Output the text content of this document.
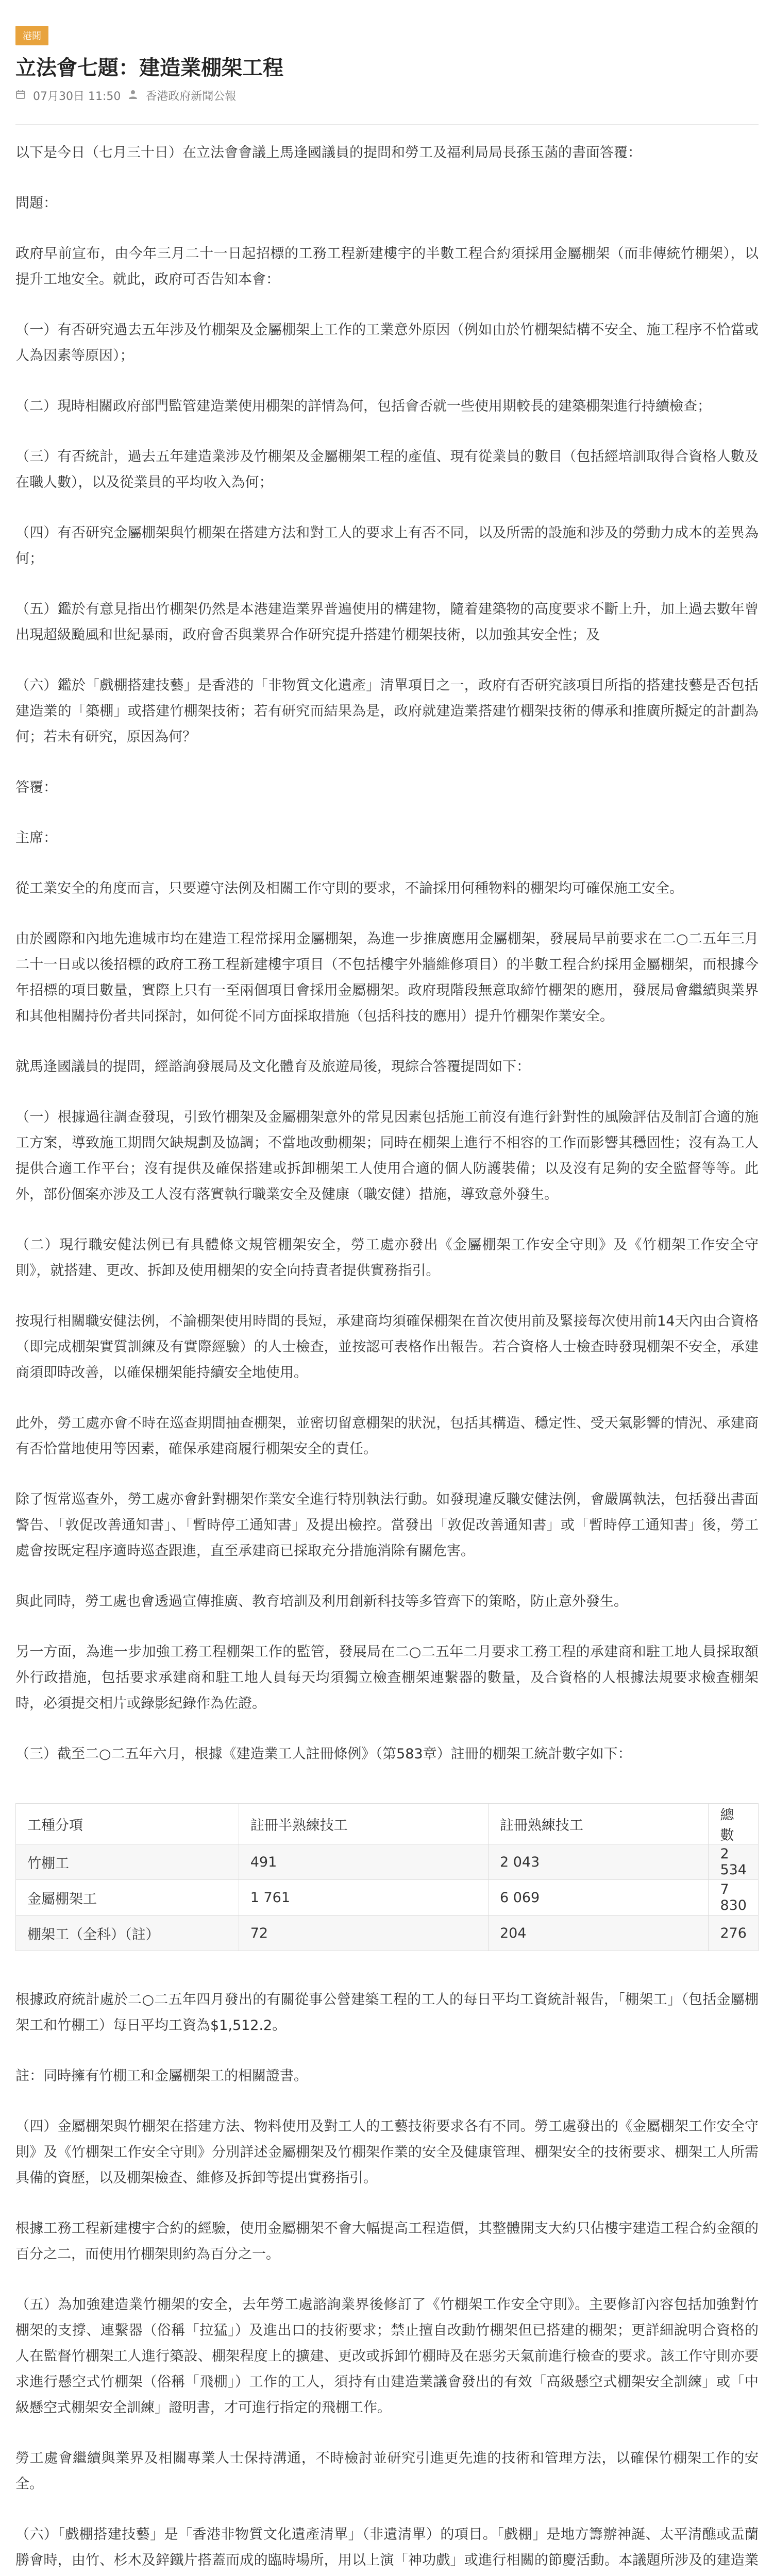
港聞
立法會七題：建造業棚架工程
07月30日 11:50 香港政府新聞公報

以下是今日（七月三十日）在立法會會議上馬逢國議員的提問和勞工及福利局局長孫玉菡的書面答覆：

問題：

政府早前宣布，由今年三月二十一日起招標的工務工程新建樓宇的半數工程合約須採用金屬棚架（而非傳統竹棚架），以提升工地安全。就此，政府可否告知本會：

（一）有否研究過去五年涉及竹棚架及金屬棚架上工作的工業意外原因（例如由於竹棚架結構不安全、施工程序不恰當或人為因素等原因）；

（二）現時相關政府部門監管建造業使用棚架的詳情為何，包括會否就一些使用期較長的建築棚架進行持續檢查；

（三）有否統計，過去五年建造業涉及竹棚架及金屬棚架工程的產值、現有從業員的數目（包括經培訓取得合資格人數及在職人數），以及從業員的平均收入為何；

（四）有否研究金屬棚架與竹棚架在搭建方法和對工人的要求上有否不同，以及所需的設施和涉及的勞動力成本的差異為何；

（五）鑑於有意見指出竹棚架仍然是本港建造業界普遍使用的構建物，隨着建築物的高度要求不斷上升，加上過去數年曾出現超級颱風和世紀暴雨，政府會否與業界合作研究提升搭建竹棚架技術，以加強其安全性；及

（六）鑑於「戲棚搭建技藝」是香港的「非物質文化遺產」清單項目之一，政府有否研究該項目所指的搭建技藝是否包括建造業的「築棚」或搭建竹棚架技術；若有研究而結果為是，政府就建造業搭建竹棚架技術的傳承和推廣所擬定的計劃為何；若未有研究，原因為何？

答覆：

主席：

從工業安全的角度而言，只要遵守法例及相關工作守則的要求，不論採用何種物料的棚架均可確保施工安全。

由於國際和內地先進城市均在建造工程常採用金屬棚架，為進一步推廣應用金屬棚架，發展局早前要求在二○二五年三月二十一日或以後招標的政府工務工程新建樓宇項目（不包括樓宇外牆維修項目）的半數工程合約採用金屬棚架，而根據今年招標的項目數量，實際上只有一至兩個項目會採用金屬棚架。政府現階段無意取締竹棚架的應用，發展局會繼續與業界和其他相關持份者共同探討，如何從不同方面採取措施（包括科技的應用）提升竹棚架作業安全。

就馬逢國議員的提問，經諮詢發展局及文化體育及旅遊局後，現綜合答覆提問如下：

（一）根據過往調查發現，引致竹棚架及金屬棚架意外的常見因素包括施工前沒有進行針對性的風險評估及制訂合適的施工方案，導致施工期間欠缺規劃及協調；不當地改動棚架；同時在棚架上進行不相容的工作而影響其穩固性；沒有為工人提供合適工作平台；沒有提供及確保搭建或拆卸棚架工人使用合適的個人防護裝備；以及沒有足夠的安全監督等等。此外，部份個案亦涉及工人沒有落實執行職業安全及健康（職安健）措施，導致意外發生。

（二）現行職安健法例已有具體條文規管棚架安全，勞工處亦發出《金屬棚架工作安全守則》及《竹棚架工作安全守則》，就搭建、更改、拆卸及使用棚架的安全向持責者提供實務指引。

按現行相關職安健法例，不論棚架使用時間的長短，承建商均須確保棚架在首次使用前及緊接每次使用前14天內由合資格（即完成棚架實質訓練及有實際經驗）的人士檢查，並按認可表格作出報告。若合資格人士檢查時發現棚架不安全，承建商須即時改善，以確保棚架能持續安全地使用。

此外，勞工處亦會不時在巡查期間抽查棚架，並密切留意棚架的狀況，包括其構造、穩定性、受天氣影響的情況、承建商有否恰當地使用等因素，確保承建商履行棚架安全的責任。

除了恆常巡查外，勞工處亦會針對棚架作業安全進行特別執法行動。如發現違反職安健法例，會嚴厲執法，包括發出書面警告、「敦促改善通知書」、「暫時停工通知書」及提出檢控。當發出「敦促改善通知書」或「暫時停工通知書」後，勞工處會按既定程序適時巡查跟進，直至承建商已採取充分措施消除有關危害。

與此同時，勞工處也會透過宣傳推廣、教育培訓及利用創新科技等多管齊下的策略，防止意外發生。

另一方面，為進一步加強工務工程棚架工作的監管，發展局在二○二五年二月要求工務工程的承建商和駐工地人員採取額外行政措施，包括要求承建商和駐工地人員每天均須獨立檢查棚架連繫器的數量，及合資格的人根據法規要求檢查棚架時，必須提交相片或錄影紀錄作為佐證。

（三）截至二○二五年六月，根據《建造業工人註冊條例》（第583章）註冊的棚架工統計數字如下：

工種分項	註冊半熟練技工	註冊熟練技工	總數
竹棚工	491	2 043	2 534
金屬棚架工	1 761	6 069	7 830
棚架工（全科）（註）	72	204	276

根據政府統計處於二○二五年四月發出的有關從事公營建築工程的工人的每日平均工資統計報告，「棚架工」（包括金屬棚架工和竹棚工）每日平均工資為$1,512.2。

註：同時擁有竹棚工和金屬棚架工的相關證書。

（四）金屬棚架與竹棚架在搭建方法、物料使用及對工人的工藝技術要求各有不同。勞工處發出的《金屬棚架工作安全守則》及《竹棚架工作安全守則》分別詳述金屬棚架及竹棚架作業的安全及健康管理、棚架安全的技術要求、棚架工人所需具備的資歷，以及棚架檢查、維修及拆卸等提出實務指引。

根據工務工程新建樓宇合約的經驗，使用金屬棚架不會大幅提高工程造價，其整體開支大約只佔樓宇建造工程合約金額的百分之二，而使用竹棚架則約為百分之一。

（五）為加強建造業竹棚架的安全，去年勞工處諮詢業界後修訂了《竹棚架工作安全守則》。主要修訂內容包括加強對竹棚架的支撐、連繫器（俗稱「拉猛」）及進出口的技術要求；禁止擅自改動竹棚架但已搭建的棚架；更詳細說明合資格的人在監督竹棚架工人進行築設、棚架程度上的擴建、更改或拆卸竹棚時及在惡劣天氣前進行檢查的要求。該工作守則亦要求進行懸空式竹棚架（俗稱「飛棚」）工作的工人，須持有由建造業議會發出的有效「高級懸空式棚架安全訓練」或「中級懸空式棚架安全訓練」證明書，才可進行指定的飛棚工作。

勞工處會繼續與業界及相關專業人士保持溝通，不時檢討並研究引進更先進的技術和管理方法，以確保竹棚架工作的安全。

（六）「戲棚搭建技藝」是「香港非物質文化遺產清單」（非遺清單）的項目。「戲棚」是地方籌辦神誕、太平清醮或盂蘭勝會時，由竹、杉木及鋅鐵片搭蓋而成的臨時場所，用以上演「神功戲」或進行相關的節慶活動。本議題所涉及的建造業
